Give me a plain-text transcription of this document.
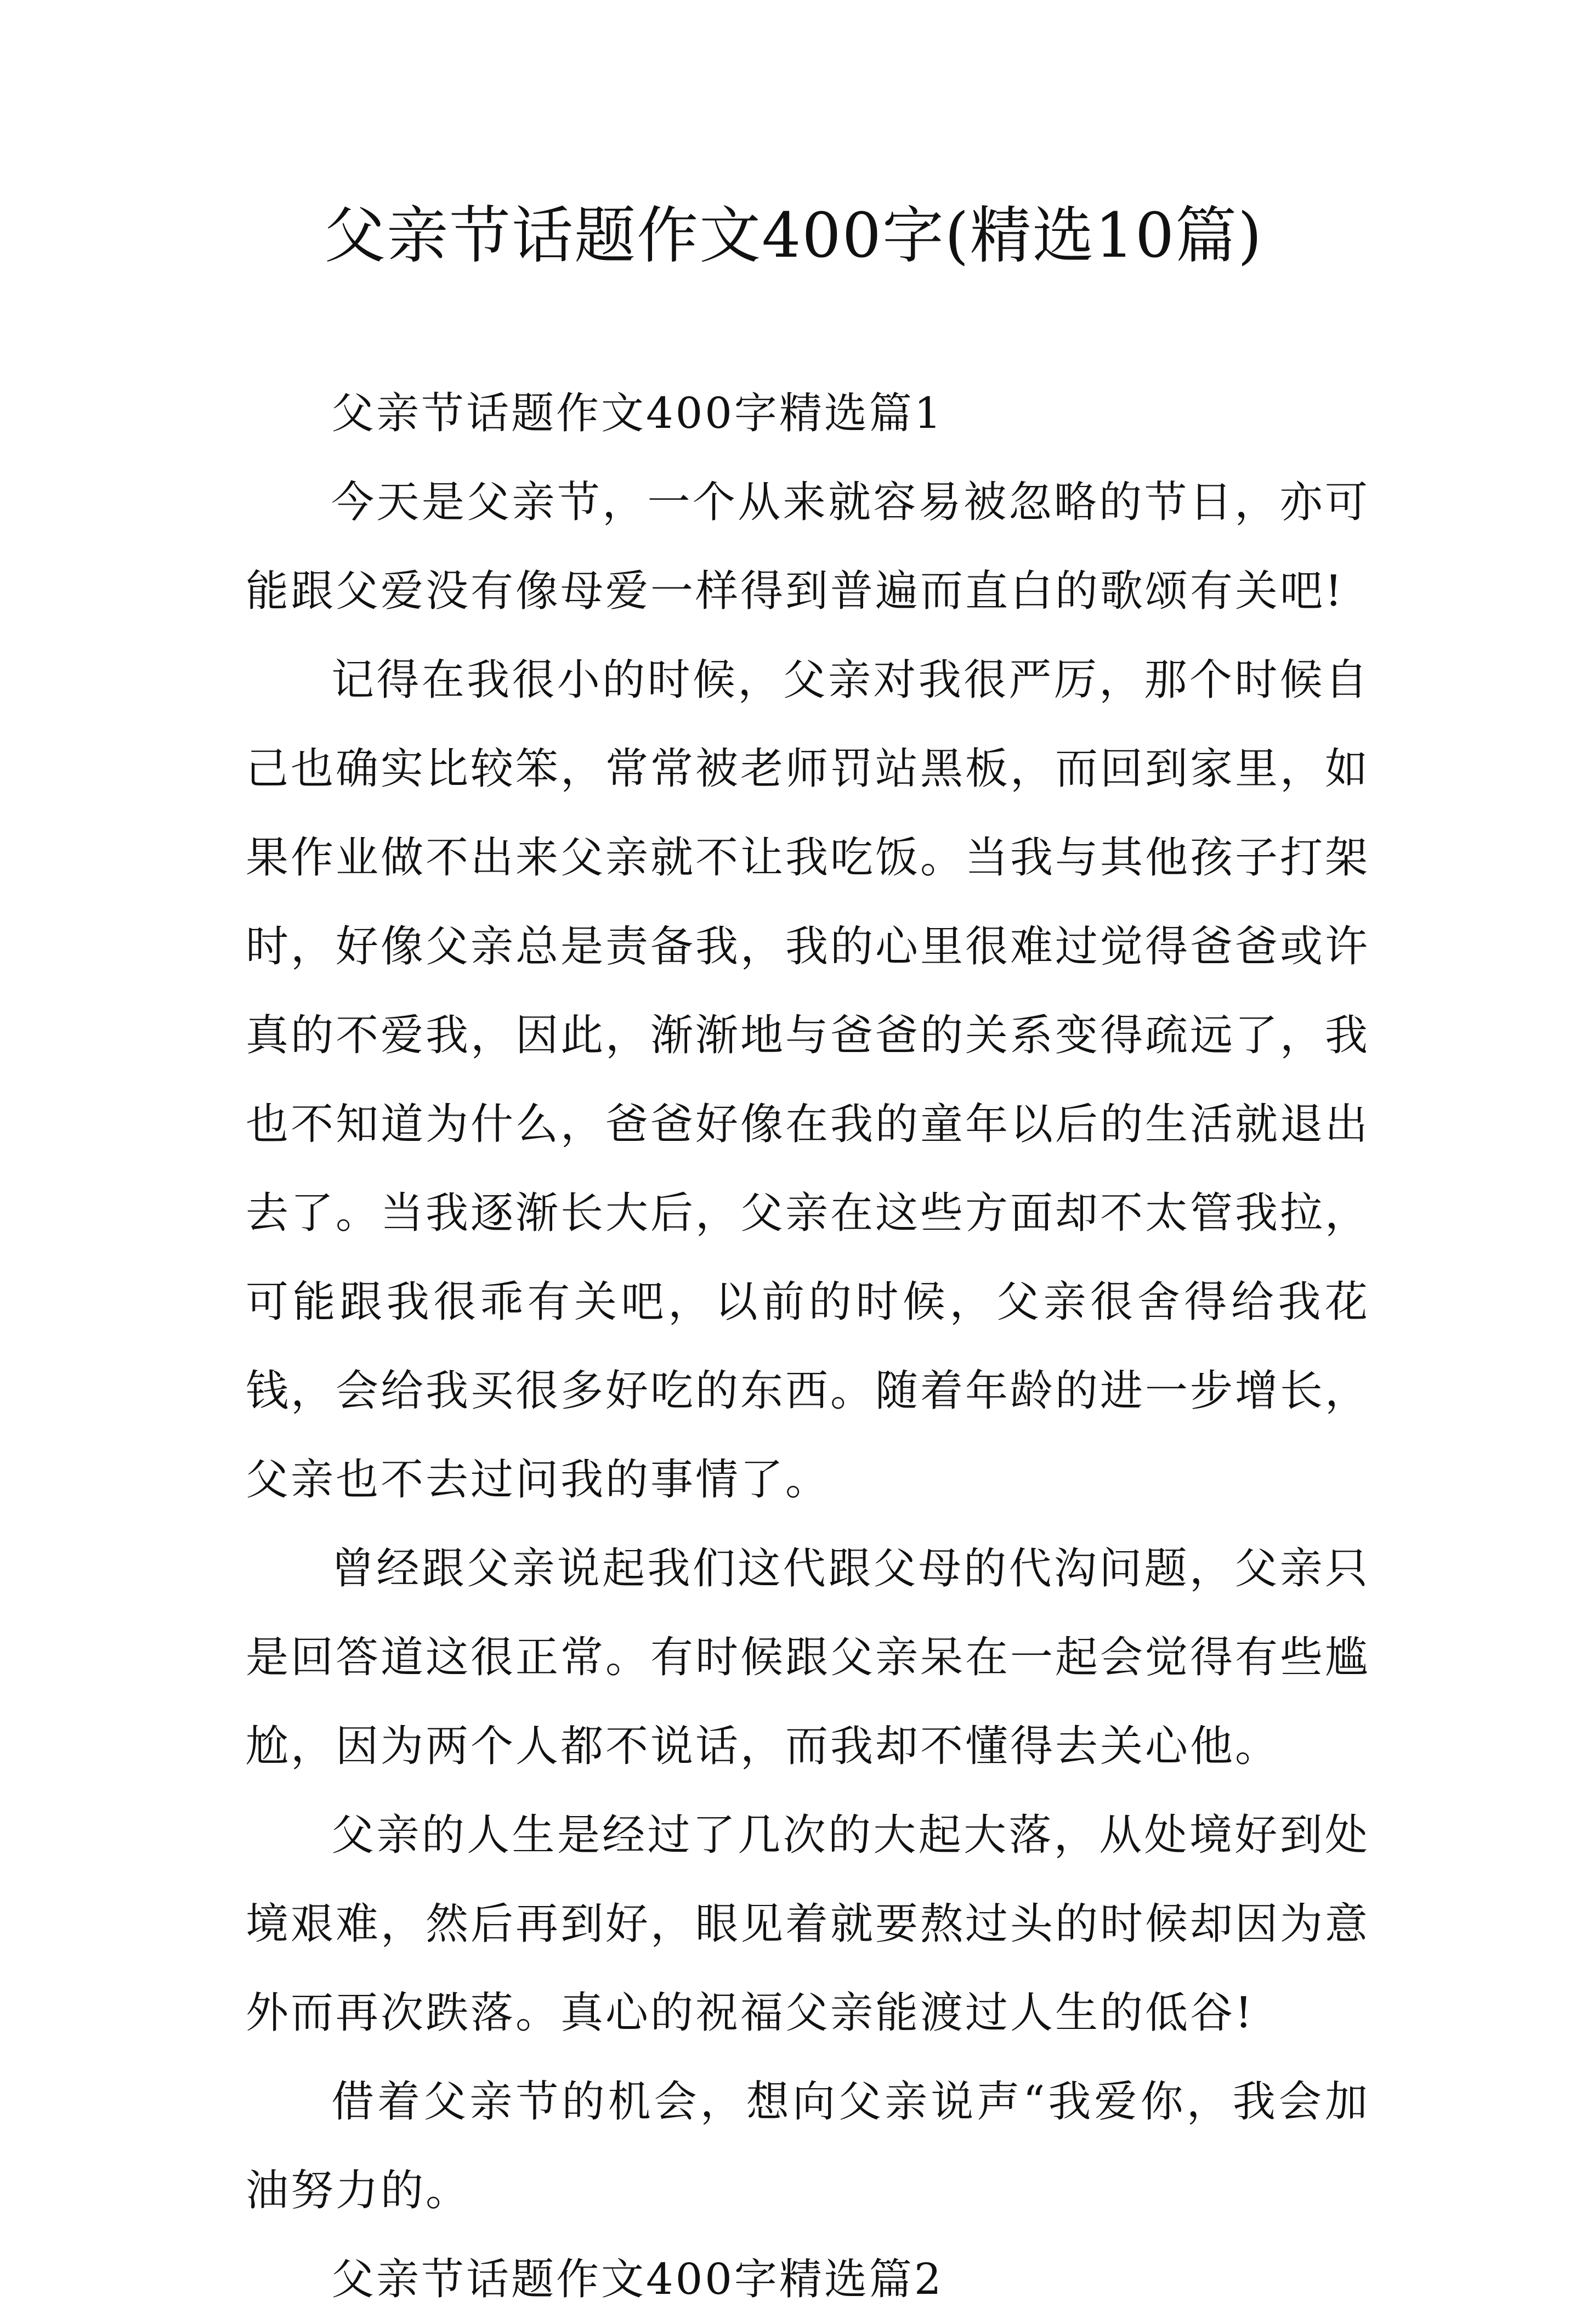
父亲节话题作文400字(精选10篇)

父亲节话题作文400字精选篇1

今天是父亲节，一个从来就容易被忽略的节日，亦可能跟父爱没有像母爱一样得到普遍而直白的歌颂有关吧!

记得在我很小的时候，父亲对我很严厉，那个时候自己也确实比较笨，常常被老师罚站黑板，而回到家里，如果作业做不出来父亲就不让我吃饭。当我与其他孩子打架时，好像父亲总是责备我，我的心里很难过觉得爸爸或许真的不爱我，因此，渐渐地与爸爸的关系变得疏远了，我也不知道为什么，爸爸好像在我的童年以后的生活就退出去了。当我逐渐长大后，父亲在这些方面却不太管我拉，可能跟我很乖有关吧，以前的时候，父亲很舍得给我花钱，会给我买很多好吃的东西。随着年龄的进一步增长，父亲也不去过问我的事情了。

曾经跟父亲说起我们这代跟父母的代沟问题，父亲只是回答道这很正常。有时候跟父亲呆在一起会觉得有些尴尬，因为两个人都不说话，而我却不懂得去关心他。

父亲的人生是经过了几次的大起大落，从处境好到处境艰难，然后再到好，眼见着就要熬过头的时候却因为意外而再次跌落。真心的祝福父亲能渡过人生的低谷!

借着父亲节的机会，想向父亲说声“我爱你，我会加油努力的。

父亲节话题作文400字精选篇2
